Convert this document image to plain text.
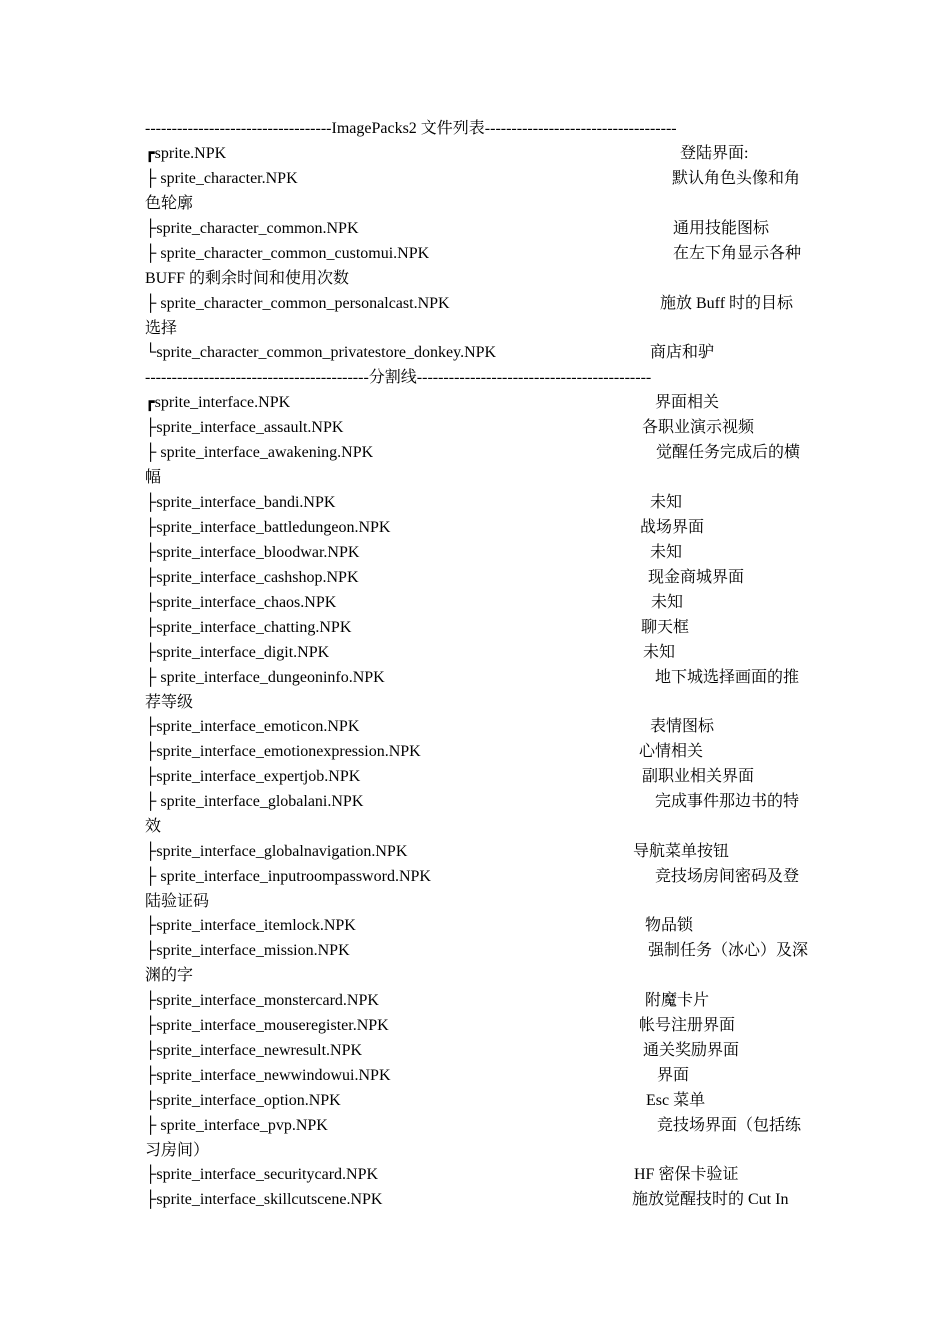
-----------------------------------ImagePacks2 文件列表------------------------------------
┏sprite.NPK	登陆界面:
├ sprite_character.NPK	默认角色头像和角
色轮廓
├sprite_character_common.NPK	通用技能图标
├ sprite_character_common_customui.NPK	在左下角显示各种
BUFF 的剩余时间和使用次数
├ sprite_character_common_personalcast.NPK	施放 Buff 时的目标
选择
└sprite_character_common_privatestore_donkey.NPK	商店和驴
------------------------------------------分割线--------------------------------------------
┏sprite_interface.NPK	界面相关
├sprite_interface_assault.NPK	各职业演示视频
├ sprite_interface_awakening.NPK	觉醒任务完成后的横
幅
├sprite_interface_bandi.NPK	未知
├sprite_interface_battledungeon.NPK	战场界面
├sprite_interface_bloodwar.NPK	未知
├sprite_interface_cashshop.NPK	现金商城界面
├sprite_interface_chaos.NPK	未知
├sprite_interface_chatting.NPK	聊天框
├sprite_interface_digit.NPK	未知
├ sprite_interface_dungeoninfo.NPK	地下城选择画面的推
荐等级
├sprite_interface_emoticon.NPK	表情图标
├sprite_interface_emotionexpression.NPK	心情相关
├sprite_interface_expertjob.NPK	副职业相关界面
├ sprite_interface_globalani.NPK	完成事件那边书的特
效
├sprite_interface_globalnavigation.NPK	导航菜单按钮
├ sprite_interface_inputroompassword.NPK	竞技场房间密码及登
陆验证码
├sprite_interface_itemlock.NPK	物品锁
├sprite_interface_mission.NPK	强制任务（冰心）及深
渊的字
├sprite_interface_monstercard.NPK	附魔卡片
├sprite_interface_mouseregister.NPK	帐号注册界面
├sprite_interface_newresult.NPK	通关奖励界面
├sprite_interface_newwindowui.NPK	界面
├sprite_interface_option.NPK	Esc 菜单
├ sprite_interface_pvp.NPK	竞技场界面（包括练
习房间）
├sprite_interface_securitycard.NPK	HF 密保卡验证
├sprite_interface_skillcutscene.NPK	施放觉醒技时的 Cut In
